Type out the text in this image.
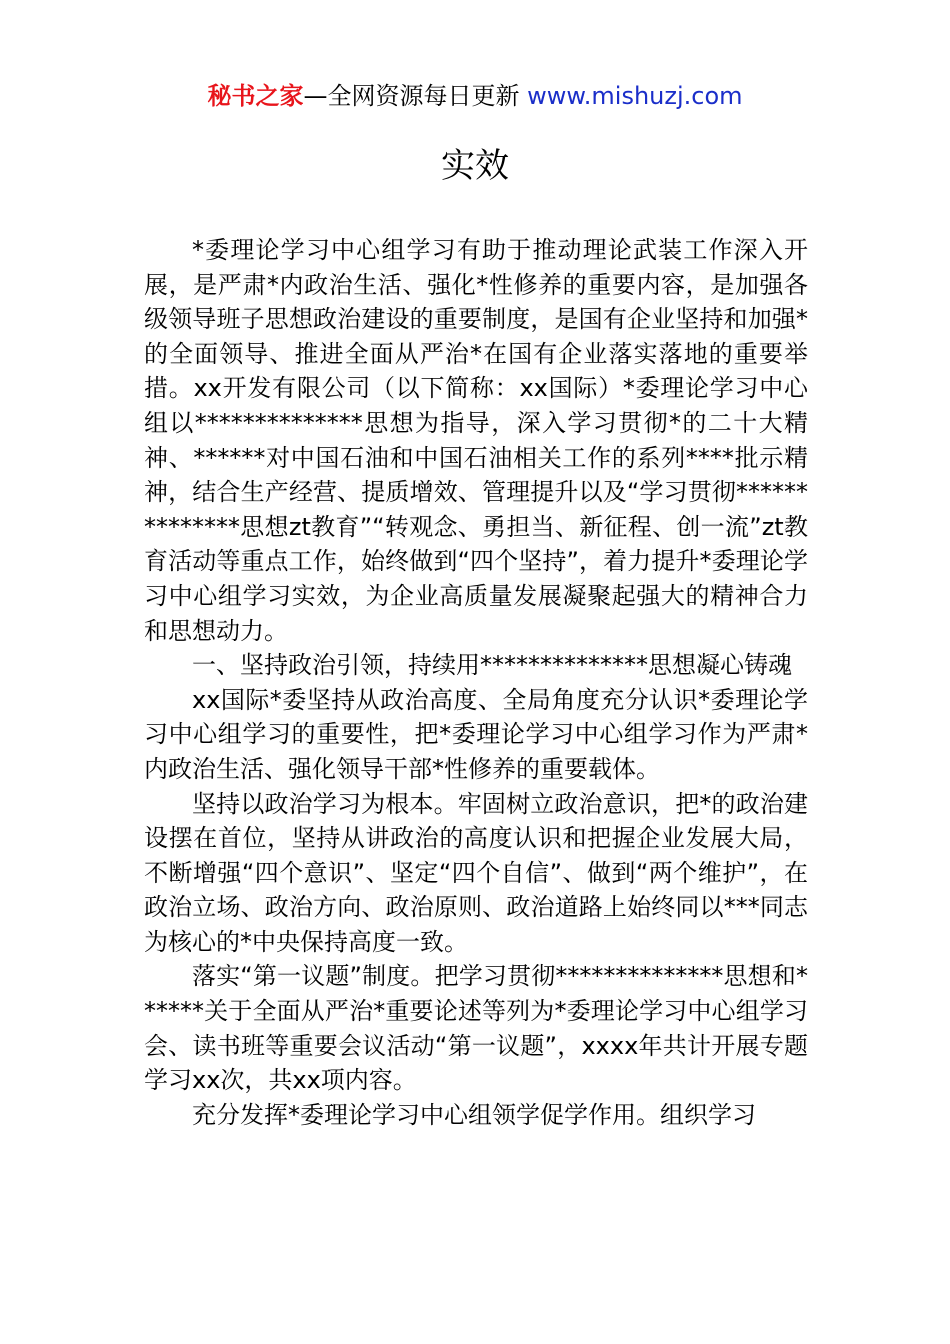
秘书之家—全网资源每日更新 www.mishuzj.com
实效

*委理论学习中心组学习有助于推动理论武装工作深入开展，是严肃*内政治生活、强化*性修养的重要内容，是加强各级领导班子思想政治建设的重要制度，是国有企业坚持和加强*的全面领导、推进全面从严治*在国有企业落实落地的重要举措。xx开发有限公司（以下简称：xx国际）*委理论学习中心组以**************思想为指导，深入学习贯彻*的二十大精神、******对中国石油和中国石油相关工作的系列****批示精神，结合生产经营、提质增效、管理提升以及“学习贯彻**************思想zt教育”“转观念、勇担当、新征程、创一流”zt教育活动等重点工作，始终做到“四个坚持”，着力提升*委理论学习中心组学习实效，为企业高质量发展凝聚起强大的精神合力和思想动力。

一、坚持政治引领，持续用**************思想凝心铸魂

xx国际*委坚持从政治高度、全局角度充分认识*委理论学习中心组学习的重要性，把*委理论学习中心组学习作为严肃*内政治生活、强化领导干部*性修养的重要载体。

坚持以政治学习为根本。牢固树立政治意识，把*的政治建设摆在首位，坚持从讲政治的高度认识和把握企业发展大局，不断增强“四个意识”、坚定“四个自信”、做到“两个维护”，在政治立场、政治方向、政治原则、政治道路上始终同以***同志为核心的*中央保持高度一致。

落实“第一议题”制度。把学习贯彻**************思想和******关于全面从严治*重要论述等列为*委理论学习中心组学习会、读书班等重要会议活动“第一议题”，xxxx年共计开展专题学习xx次，共xx项内容。

充分发挥*委理论学习中心组领学促学作用。组织学习
